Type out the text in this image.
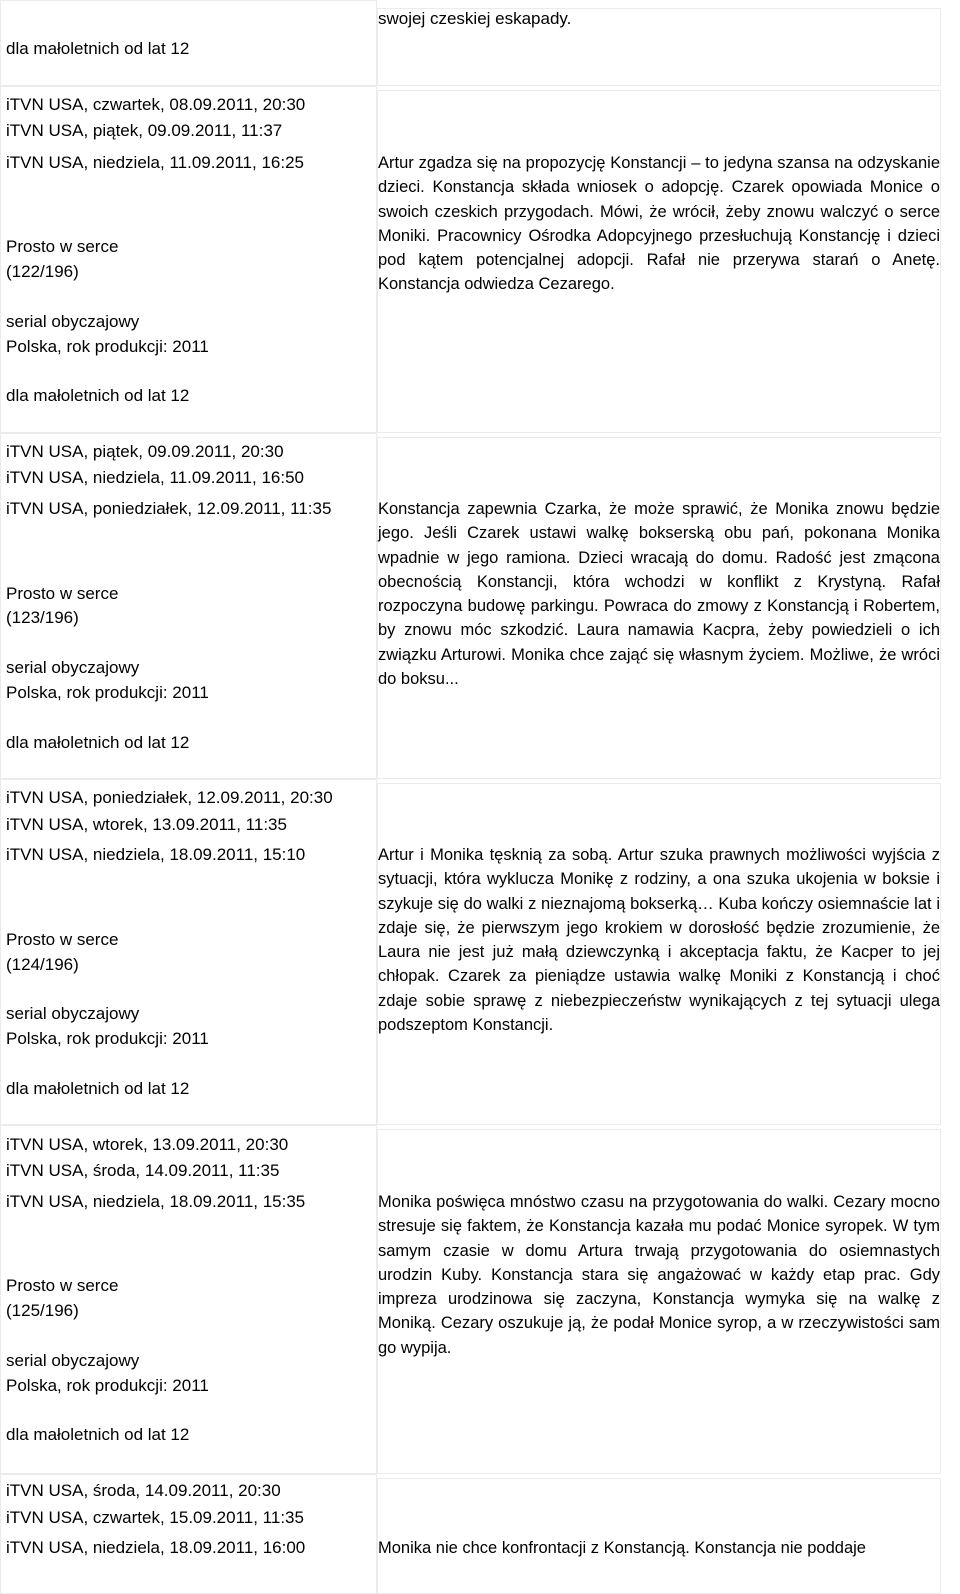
dla małoletnich od lat 12
swojej czeskiej eskapady.
iTVN USA, czwartek, 08.09.2011, 20:30
iTVN USA, piątek, 09.09.2011, 11:37
iTVN USA, niedziela, 11.09.2011, 16:25
Prosto w serce
(122/196)
serial obyczajowy
Polska, rok produkcji: 2011
dla małoletnich od lat 12

Artur zgadza się na propozycję Konstancji – to jedyna szansa na odzyskanie dzieci. Konstancja składa wniosek o adopcję. Czarek opowiada Monice o swoich czeskich przygodach. Mówi, że wrócił, żeby znowu walczyć o serce Moniki. Pracownicy Ośrodka Adopcyjnego przesłuchują Konstancję i dzieci pod kątem potencjalnej adopcji. Rafał nie przerywa starań o Anetę. Konstancja odwiedza Cezarego.

iTVN USA, piątek, 09.09.2011, 20:30
iTVN USA, niedziela, 11.09.2011, 16:50
iTVN USA, poniedziałek, 12.09.2011, 11:35
Prosto w serce
(123/196)
serial obyczajowy
Polska, rok produkcji: 2011
dla małoletnich od lat 12

Konstancja zapewnia Czarka, że może sprawić, że Monika znowu będzie jego. Jeśli Czarek ustawi walkę bokserską obu pań, pokonana Monika wpadnie w jego ramiona. Dzieci wracają do domu. Radość jest zmącona obecnością Konstancji, która wchodzi w konflikt z Krystyną. Rafał rozpoczyna budowę parkingu. Powraca do zmowy z Konstancją i Robertem, by znowu móc szkodzić. Laura namawia Kacpra, żeby powiedzieli o ich związku Arturowi. Monika chce zająć się własnym życiem. Możliwe, że wróci do boksu...

iTVN USA, poniedziałek, 12.09.2011, 20:30
iTVN USA, wtorek, 13.09.2011, 11:35
iTVN USA, niedziela, 18.09.2011, 15:10
Prosto w serce
(124/196)
serial obyczajowy
Polska, rok produkcji: 2011
dla małoletnich od lat 12

Artur i Monika tęsknią za sobą. Artur szuka prawnych możliwości wyjścia z sytuacji, która wyklucza Monikę z rodziny, a ona szuka ukojenia w boksie i szykuje się do walki z nieznajomą bokserką… Kuba kończy osiemnaście lat i zdaje się, że pierwszym jego krokiem w dorosłość będzie zrozumienie, że Laura nie jest już małą dziewczynką i akceptacja faktu, że Kacper to jej chłopak. Czarek za pieniądze ustawia walkę Moniki z Konstancją i choć zdaje sobie sprawę z niebezpieczeństw wynikających z tej sytuacji ulega podszeptom Konstancji.

iTVN USA, wtorek, 13.09.2011, 20:30
iTVN USA, środa, 14.09.2011, 11:35
iTVN USA, niedziela, 18.09.2011, 15:35
Prosto w serce
(125/196)
serial obyczajowy
Polska, rok produkcji: 2011
dla małoletnich od lat 12

Monika poświęca mnóstwo czasu na przygotowania do walki. Cezary mocno stresuje się faktem, że Konstancja kazała mu podać Monice syropek. W tym samym czasie w domu Artura trwają przygotowania do osiemnastych urodzin Kuby. Konstancja stara się angażować w każdy etap prac. Gdy impreza urodzinowa się zaczyna, Konstancja wymyka się na walkę z Moniką. Cezary oszukuje ją, że podał Monice syrop, a w rzeczywistości sam go wypija.

iTVN USA, środa, 14.09.2011, 20:30
iTVN USA, czwartek, 15.09.2011, 11:35
iTVN USA, niedziela, 18.09.2011, 16:00	Monika nie chce konfrontacji z Konstancją. Konstancja nie poddaje
